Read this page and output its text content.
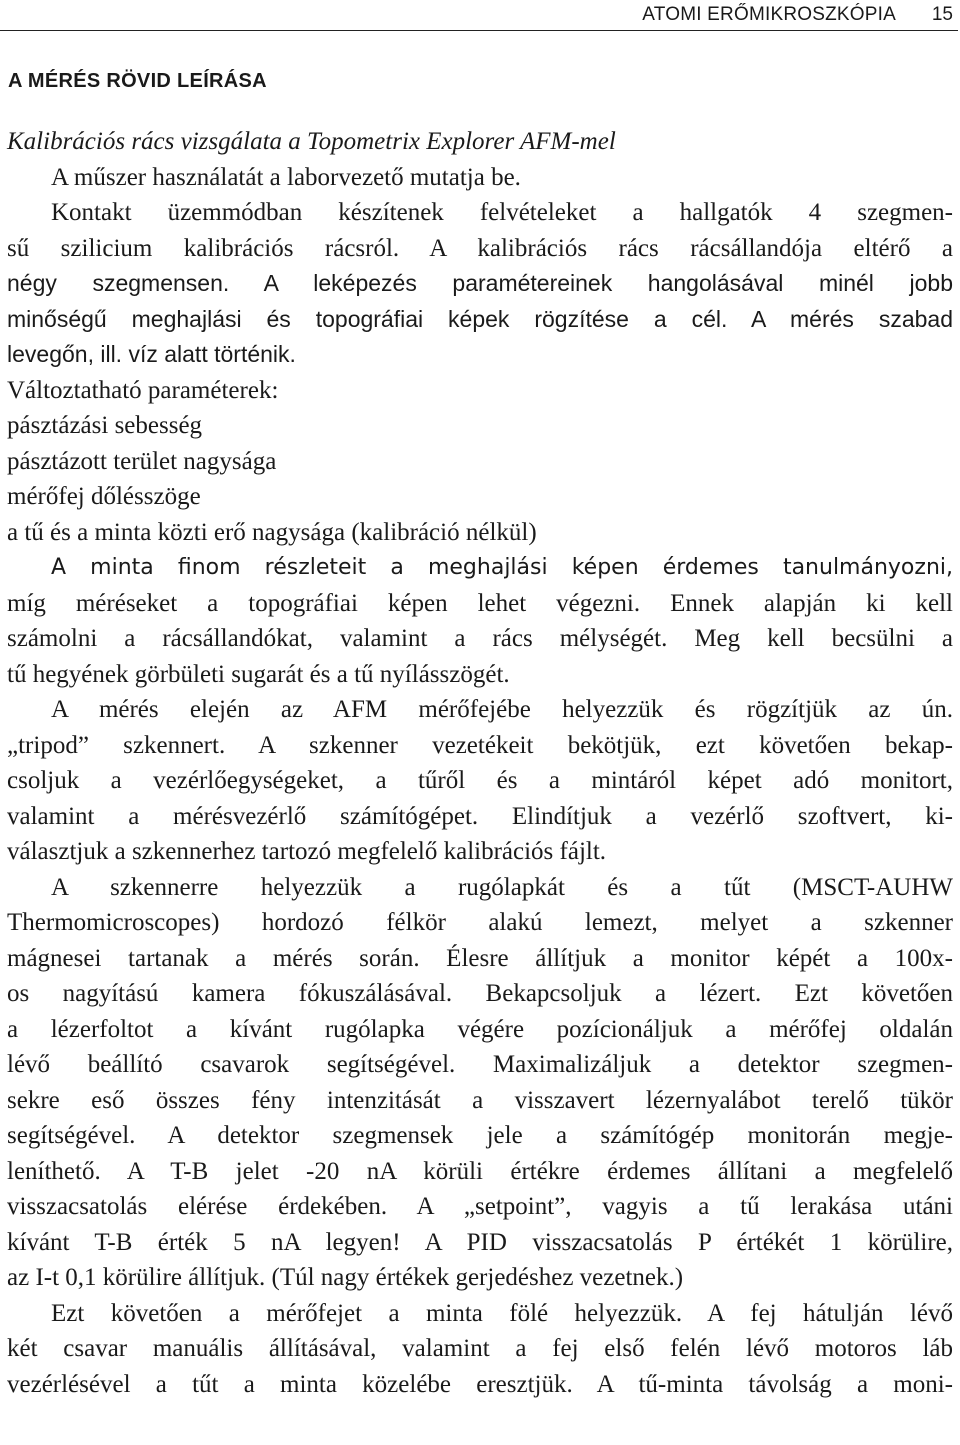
ATOMI ERŐMIKROSZKÓPIA 15
A MÉRÉS RÖVID LEÍRÁSA
Kalibrációs rács vizsgálata a Topometrix Explorer AFM-mel
A műszer használatát a laborvezető mutatja be.
Kontakt üzemmódban készítenek felvételeket a hallgatók 4 szegmen-
sű szilicium kalibrációs rácsról. A kalibrációs rács rácsállandója eltérő a
négy szegmensen. A leképezés paramétereinek hangolásával minél jobb
minőségű meghajlási és topográfiai képek rögzítése a cél. A mérés szabad
levegőn, ill. víz alatt történik.
Változtatható paraméterek:
pásztázási sebesség
pásztázott terület nagysága
mérőfej dőlésszöge
a tű és a minta közti erő nagysága (kalibráció nélkül)
A minta finom részleteit a meghajlási képen érdemes tanulmányozni,
míg méréseket a topográfiai képen lehet végezni. Ennek alapján ki kell
számolni a rácsállandókat, valamint a rács mélységét. Meg kell becsülni a
tű hegyének görbületi sugarát és a tű nyílásszögét.
A mérés elején az AFM mérőfejébe helyezzük és rögzítjük az ún.
„tripod” szkennert. A szkenner vezetékeit bekötjük, ezt követően bekap-
csoljuk a vezérlőegységeket, a tűről és a mintáról képet adó monitort,
valamint a mérésvezérlő számítógépet. Elindítjuk a vezérlő szoftvert, ki-
választjuk a szkennerhez tartozó megfelelő kalibrációs fájlt.
A szkennerre helyezzük a rugólapkát és a tűt (MSCT-AUHW
Thermomicroscopes) hordozó félkör alakú lemezt, melyet a szkenner
mágnesei tartanak a mérés során. Élesre állítjuk a monitor képét a 100x-
os nagyítású kamera fókuszálásával. Bekapcsoljuk a lézert. Ezt követően
a lézerfoltot a kívánt rugólapka végére pozícionáljuk a mérőfej oldalán
lévő beállító csavarok segítségével. Maximalizáljuk a detektor szegmen-
sekre eső összes fény intenzitását a visszavert lézernyalábot terelő tükör
segítségével. A detektor szegmensek jele a számítógép monitorán megje-
leníthető. A T-B jelet -20 nA körüli értékre érdemes állítani a megfelelő
visszacsatolás elérése érdekében. A „setpoint”, vagyis a tű lerakása utáni
kívánt T-B érték 5 nA legyen! A PID visszacsatolás P értékét 1 körülire,
az I-t 0,1 körülire állítjuk. (Túl nagy értékek gerjedéshez vezetnek.)
Ezt követően a mérőfejet a minta fölé helyezzük. A fej hátulján lévő
két csavar manuális állításával, valamint a fej első felén lévő motoros láb
vezérlésével a tűt a minta közelébe eresztjük. A tű-minta távolság a moni-
